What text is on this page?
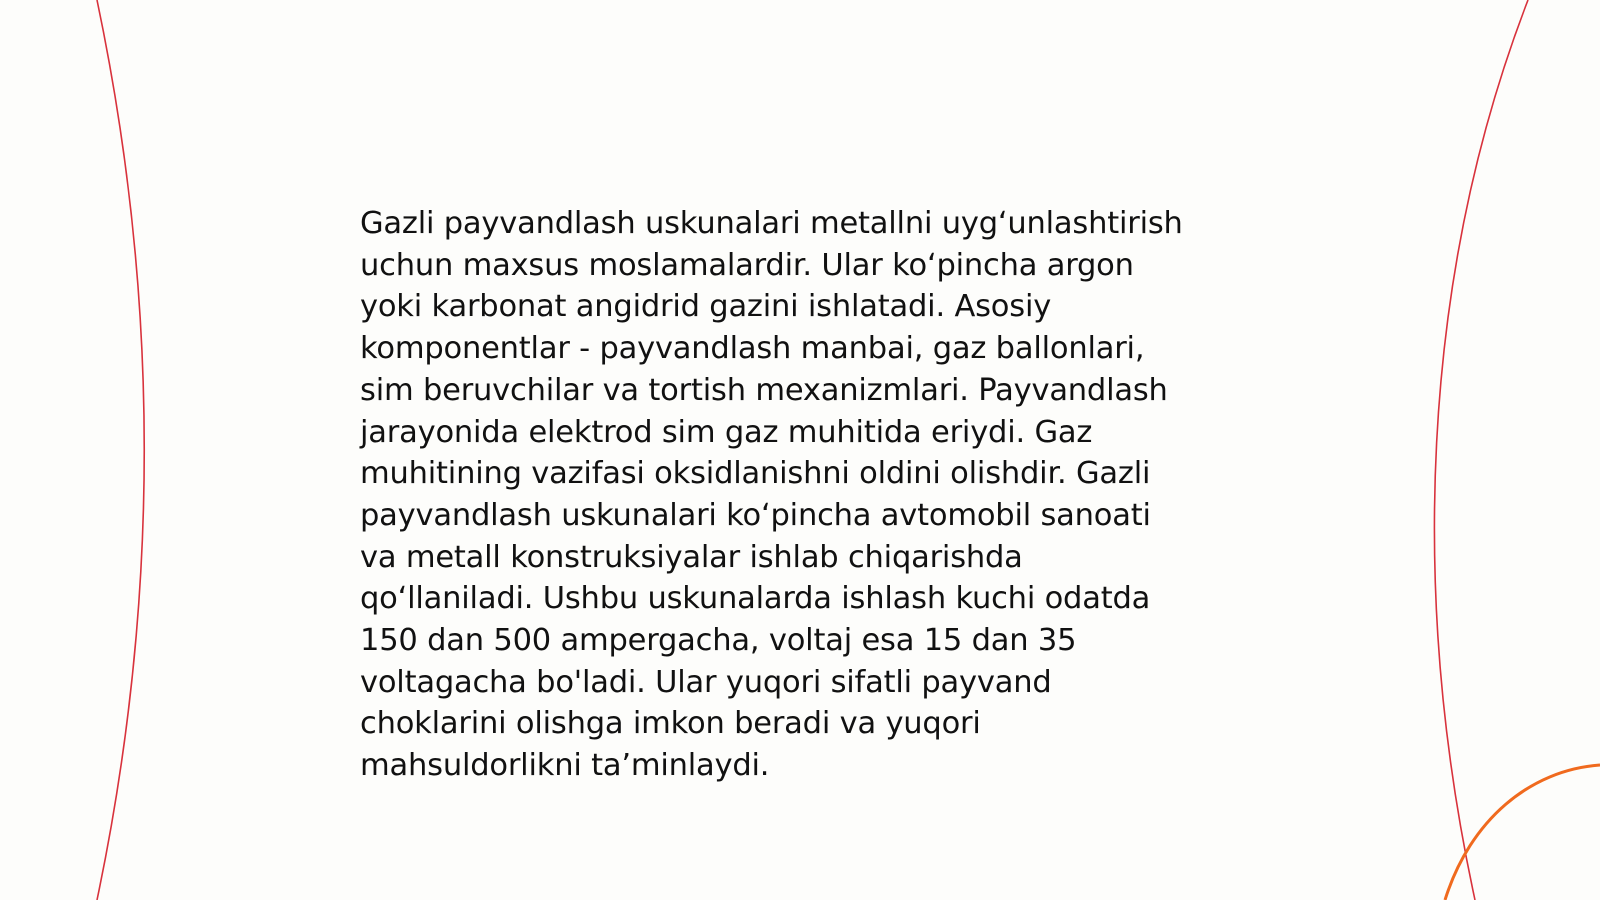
Gazli payvandlash uskunalari metallni uyg‘unlashtirish
uchun maxsus moslamalardir. Ular ko‘pincha argon
yoki karbonat angidrid gazini ishlatadi. Asosiy
komponentlar - payvandlash manbai, gaz ballonlari,
sim beruvchilar va tortish mexanizmlari. Payvandlash
jarayonida elektrod sim gaz muhitida eriydi. Gaz
muhitining vazifasi oksidlanishni oldini olishdir. Gazli
payvandlash uskunalari ko‘pincha avtomobil sanoati
va metall konstruksiyalar ishlab chiqarishda
qo‘llaniladi. Ushbu uskunalarda ishlash kuchi odatda
150 dan 500 ampergacha, voltaj esa 15 dan 35
voltagacha bo'ladi. Ular yuqori sifatli payvand
choklarini olishga imkon beradi va yuqori
mahsuldorlikni ta’minlaydi.
